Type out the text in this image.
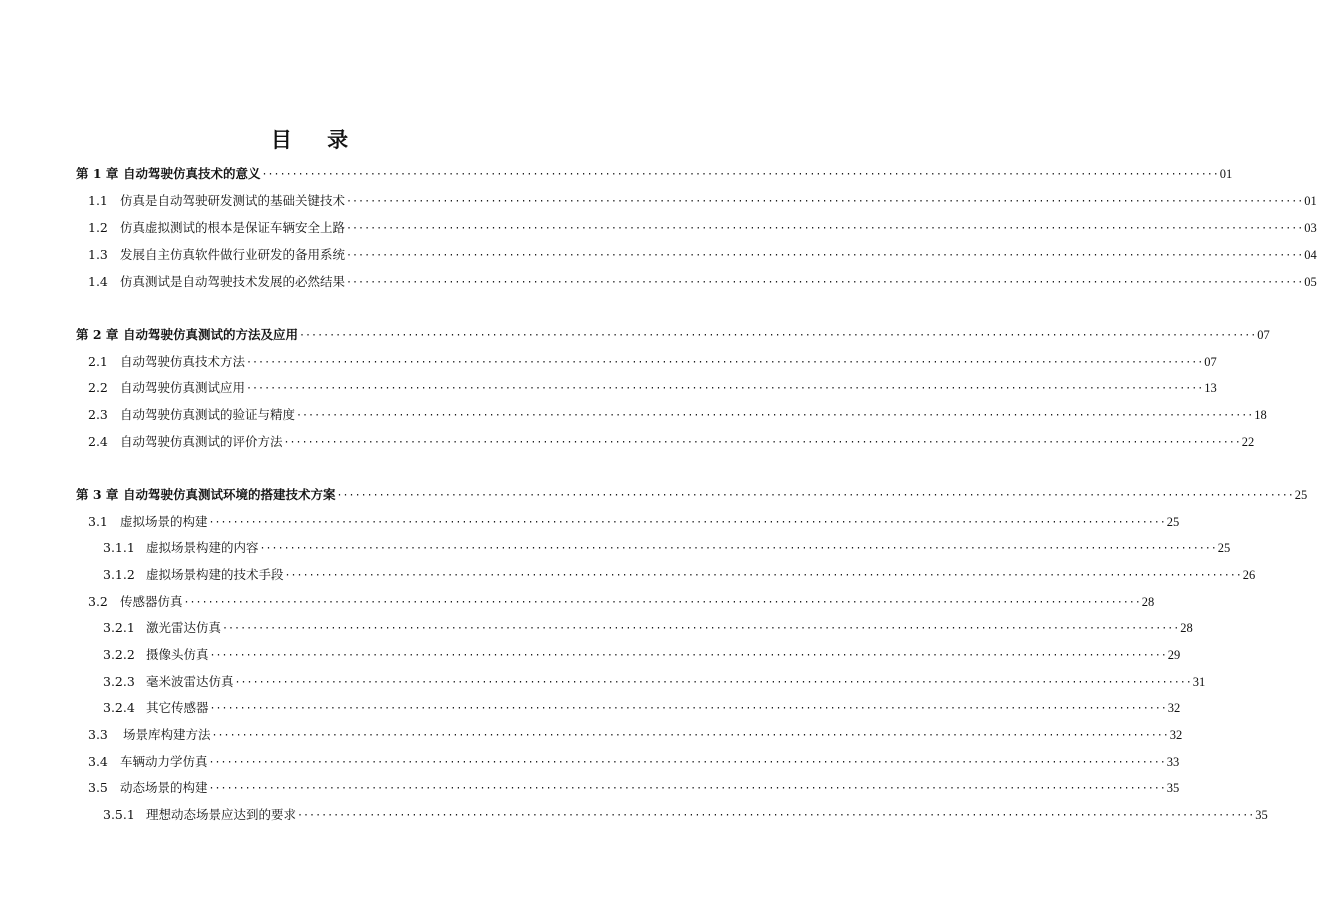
目 录
第 1 章 自动驾驶仿真技术的意义 ······························································································································································· 01
1.1 仿真是自动驾驶研发测试的基础关键技术 ······························································································································································· 01
1.2 仿真虚拟测试的根本是保证车辆安全上路 ······························································································································································· 03
1.3 发展自主仿真软件做行业研发的备用系统 ······························································································································································· 04
1.4 仿真测试是自动驾驶技术发展的必然结果 ······························································································································································· 05
第 2 章 自动驾驶仿真测试的方法及应用 ······························································································································································· 07
2.1 自动驾驶仿真技术方法 ······························································································································································· 07
2.2 自动驾驶仿真测试应用 ······························································································································································· 13
2.3 自动驾驶仿真测试的验证与精度 ······························································································································································· 18
2.4 自动驾驶仿真测试的评价方法 ······························································································································································· 22
第 3 章 自动驾驶仿真测试环境的搭建技术方案 ······························································································································································· 25
3.1 虚拟场景的构建 ······························································································································································· 25
3.1.1 虚拟场景构建的内容 ······························································································································································· 25
3.1.2 虚拟场景构建的技术手段 ······························································································································································· 26
3.2 传感器仿真 ······························································································································································· 28
3.2.1 激光雷达仿真 ······························································································································································· 28
3.2.2 摄像头仿真 ······························································································································································· 29
3.2.3 毫米波雷达仿真 ······························································································································································· 31
3.2.4 其它传感器 ······························································································································································· 32
3.3	场景库构建方法 ······························································································································································· 32
3.4 车辆动力学仿真 ······························································································································································· 33
3.5 动态场景的构建 ······························································································································································· 35
3.5.1 理想动态场景应达到的要求 ······························································································································································· 35
